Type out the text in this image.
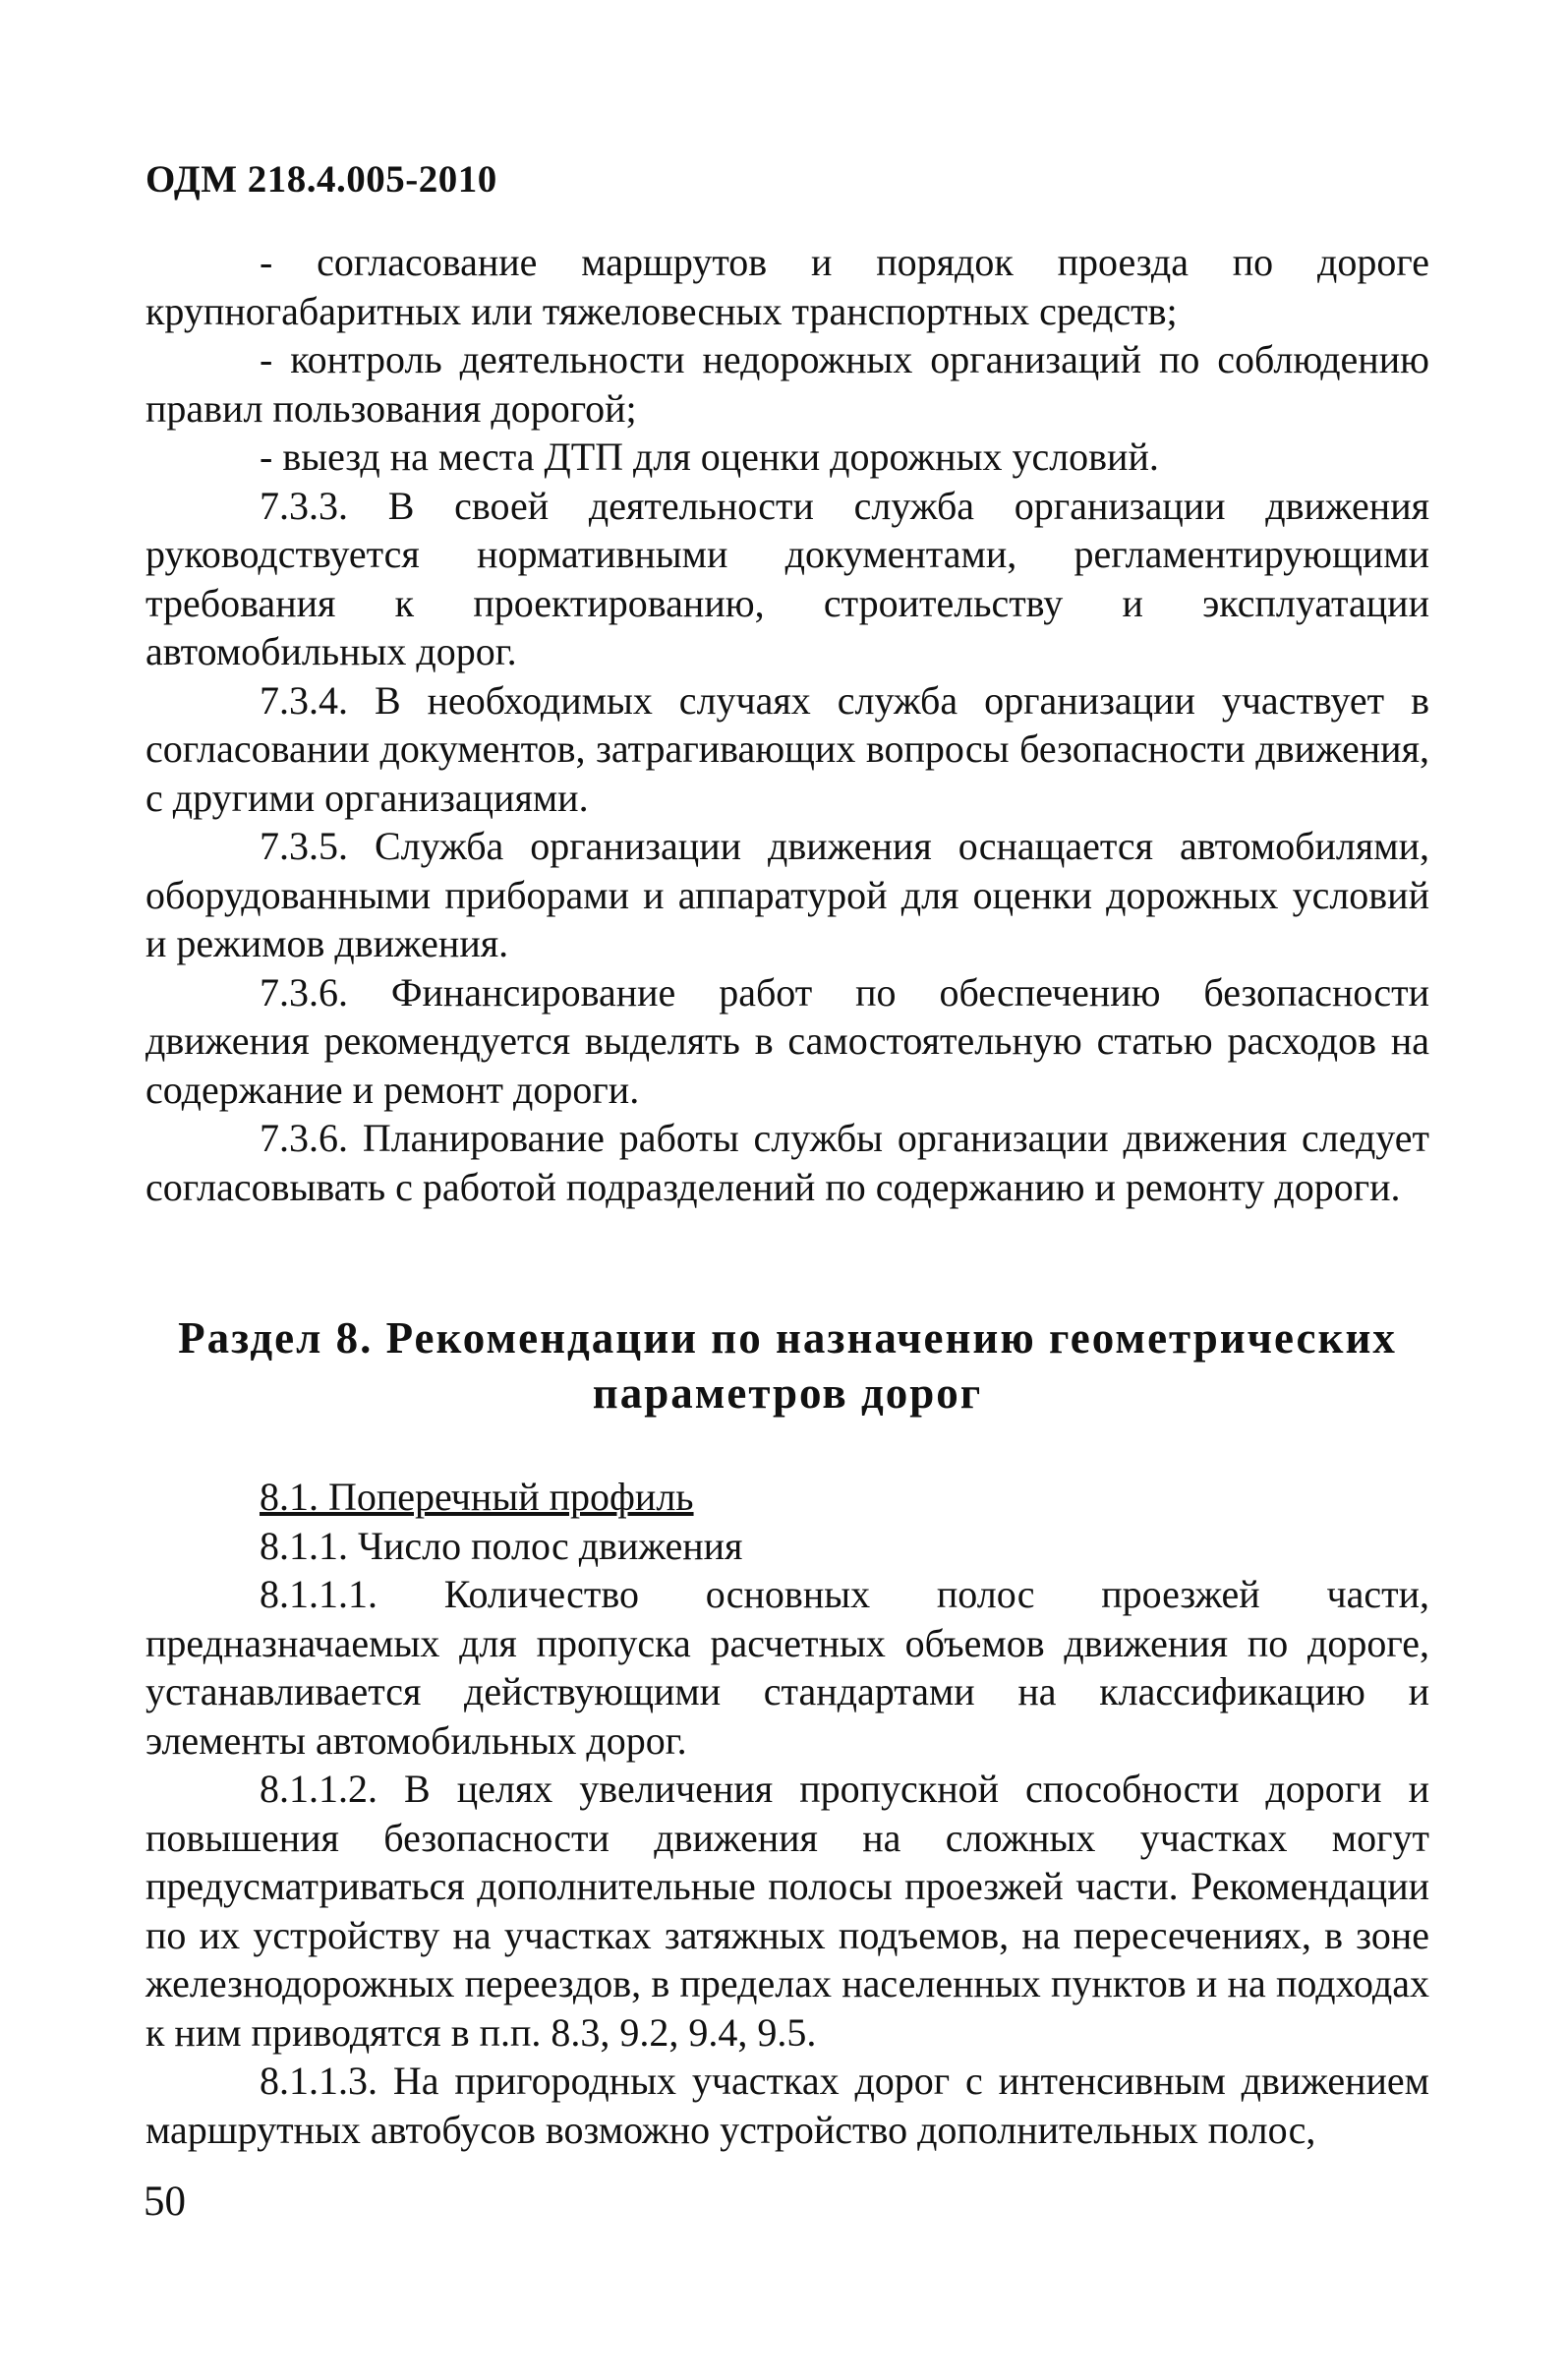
ОДМ 218.4.005-2010

- согласование маршрутов и порядок проезда по дороге крупногабаритных или тяжеловесных транспортных средств;

- контроль деятельности недорожных организаций по соблюдению правил пользования дорогой;

- выезд на места ДТП для оценки дорожных условий.

7.3.3. В своей деятельности служба организации движения руководствуется нормативными документами, регламентирующими требования к проектированию, строительству и эксплуатации автомобильных дорог.

7.3.4. В необходимых случаях служба организации участвует в согласовании документов, затрагивающих вопросы безопасности движения, с другими организациями.

7.3.5. Служба организации движения оснащается автомобилями, оборудованными приборами и аппаратурой для оценки дорожных условий и режимов движения.

7.3.6. Финансирование работ по обеспечению безопасности движения рекомендуется выделять в самостоятельную статью расходов на содержание и ремонт дороги.

7.3.6. Планирование работы службы организации движения следует согласовывать с работой подразделений по содержанию и ремонту дороги.

Раздел 8. Рекомендации по назначению геометрических
параметров дорог
8.1. Поперечный профиль
8.1.1. Число полос движения

8.1.1.1. Количество основных полос проезжей части, предназначаемых для пропуска расчетных объемов движения по дороге, устанавливается действующими стандартами на классификацию и элементы автомобильных дорог.

8.1.1.2. В целях увеличения пропускной способности дороги и повышения безопасности движения на сложных участках могут предусматриваться дополнительные полосы проезжей части. Рекомендации по их устройству на участках затяжных подъемов, на пересечениях, в зоне железнодорожных переездов, в пределах населенных пунктов и на подходах к ним приводятся в п.п. 8.3, 9.2, 9.4, 9.5.

8.1.1.3. На пригородных участках дорог с интенсивным движением маршрутных автобусов возможно устройство дополнительных полос,

50
